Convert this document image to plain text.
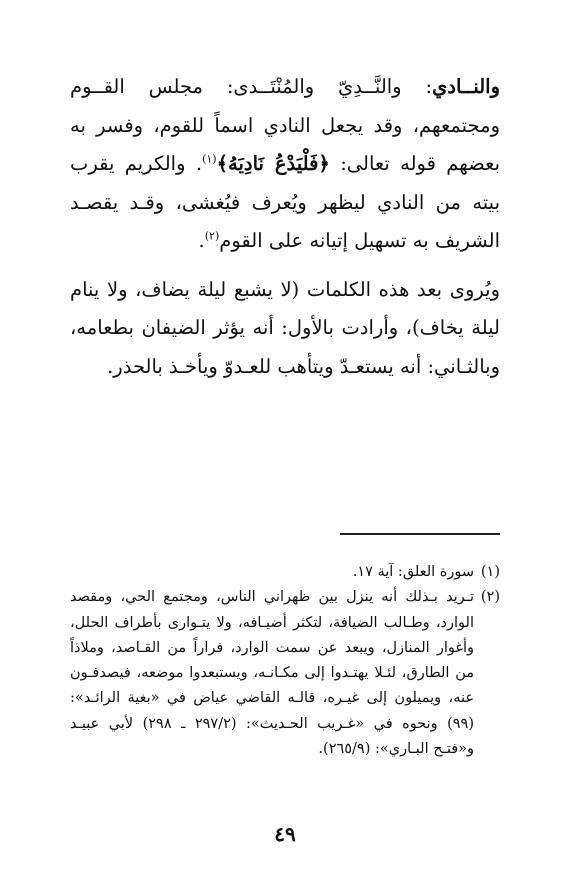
والنــادي: والنَّــدِيّ والمُنْتَــدى: مجلس القــوم ومجتمعهم، وقد يجعل النادي اسماً للقوم، وفسر به بعضهم قوله تعالى: ﴿فَلْيَدْعُ نَادِيَهُ﴾$^{(١)}$. والكريم يقرب بيته من النادي ليظهر ويُعرف فيُغشى، وقـد يقصـد الشريف به تسهيل إتيانه على القوم$^{(٢)}$.

ويُروى بعد هذه الكلمات (لا يشبع ليلة يضاف، ولا ينام ليلة يخاف)، وأرادت بالأول: أنه يؤثر الضيفان بطعامه، وبالثـاني: أنه يستعـدّ ويتأهب للعـدوّ ويأخـذ بالحذر.

(١)
سورة العلق: آية ١٧.
(٢)
تـريد بـذلك أنه ينزل بين ظهراني الناس، ومجتمع الحي، ومقصد الوارد، وطـالب الضيافة، لتكثر أضيـافه، ولا يتـوارى بأطراف الحلل، وأغوار المنازل، ويبعد عن سمت الوارد، فراراً من القـاصد، وملاذاً من الطارق، لئـلا يهتـدوا إلى مكـانـه، ويستبعدوا موضعه، فيصدفـون عنه، ويميلون إلى غيـره، قالـه القاضي عياض في «بغية الرائـد»: (٩٩) ونحوه في «غـريب الحـديث»: (٢٩٧/٢ ـ ٢٩٨) لأبي عبيـد و«فتـح البـاري»: (٢٦٥/٩).
٤٩
